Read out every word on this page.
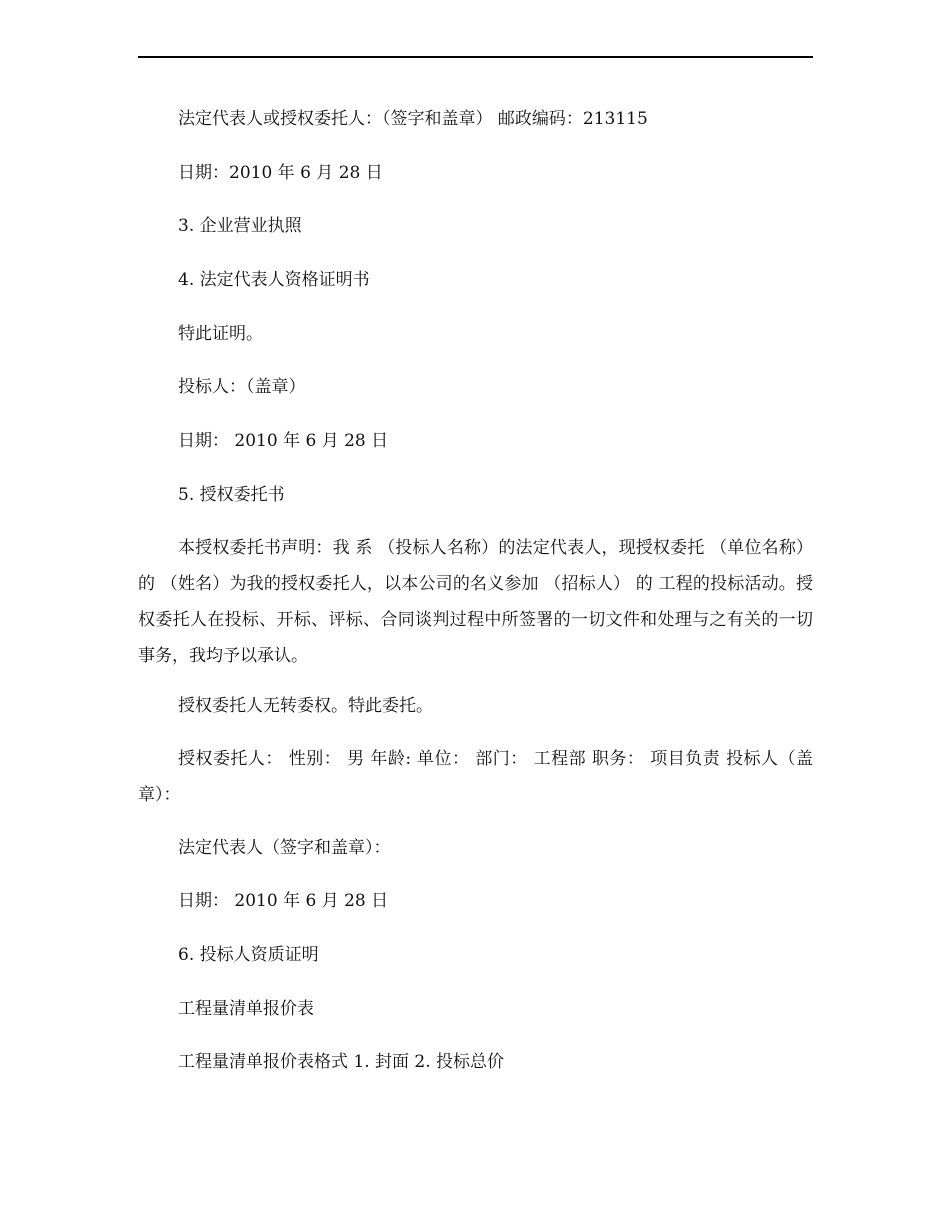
法定代表人或授权委托人：（签字和盖章） 邮政编码：213115

日期：2010 年 6 月 28 日

3. 企业营业执照

4. 法定代表人资格证明书

特此证明。

投标人：（盖章）

日期： 2010 年 6 月 28 日

5. 授权委托书

本授权委托书声明：我 系 （投标人名称）的法定代表人，现授权委托 （单位名称）的 （姓名）为我的授权委托人，以本公司的名义参加 （招标人） 的 工程的投标活动。授权委托人在投标、开标、评标、合同谈判过程中所签署的一切文件和处理与之有关的一切事务，我均予以承认。

授权委托人无转委权。特此委托。

授权委托人： 性别： 男 年龄: 单位： 部门： 工程部 职务： 项目负责 投标人（盖章）：

法定代表人（签字和盖章）：

日期： 2010 年 6 月 28 日

6. 投标人资质证明

工程量清单报价表

工程量清单报价表格式 1. 封面 2. 投标总价
